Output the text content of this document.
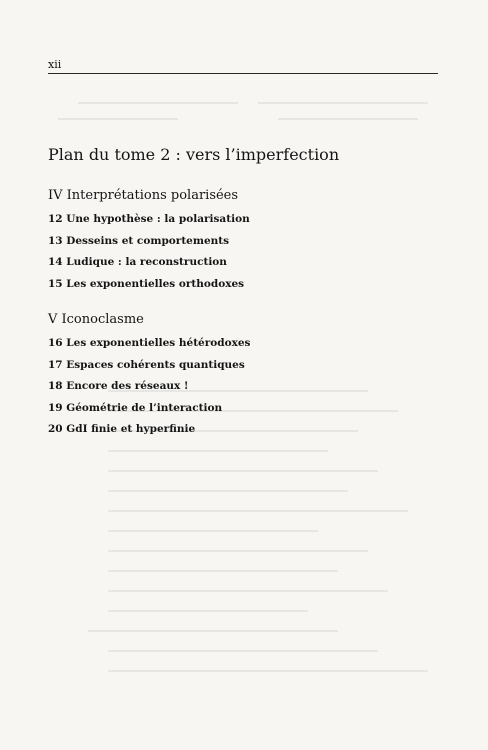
xii
Plan du tome 2 : vers l’imperfection
IV Interprétations polarisées
12 Une hypothèse : la polarisation
13 Desseins et comportements
14 Ludique : la reconstruction
15 Les exponentielles orthodoxes
V Iconoclasme
16 Les exponentielles hétérodoxes
17 Espaces cohérents quantiques
18 Encore des réseaux !
19 Géométrie de l’interaction
20 GdI finie et hyperfinie
